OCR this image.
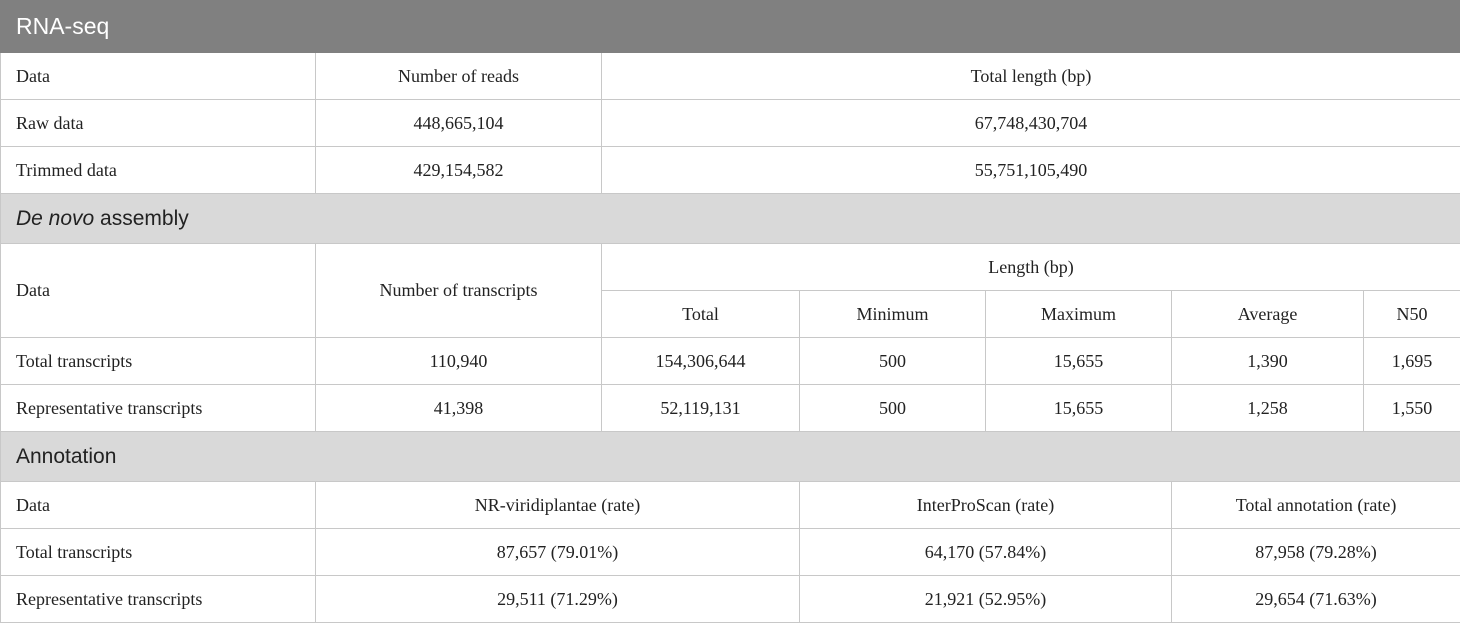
RNA-seq						
Data	Number of reads	Total length (bp)				
Raw data	448,665,104	67,748,430,704				
Trimmed data	429,154,582	55,751,105,490				
De novo assembly						
Data	Number of transcripts	Length (bp)				
		Total	Minimum	Maximum	Average	N50
Total transcripts	110,940	154,306,644	500	15,655	1,390	1,695
Representative transcripts	41,398	52,119,131	500	15,655	1,258	1,550
Annotation						
Data	NR-viridiplantae (rate)		InterProScan (rate)		Total annotation (rate)	
Total transcripts	87,657 (79.01%)		64,170 (57.84%)		87,958 (79.28%)	
Representative transcripts	29,511 (71.29%)		21,921 (52.95%)		29,654 (71.63%)	
